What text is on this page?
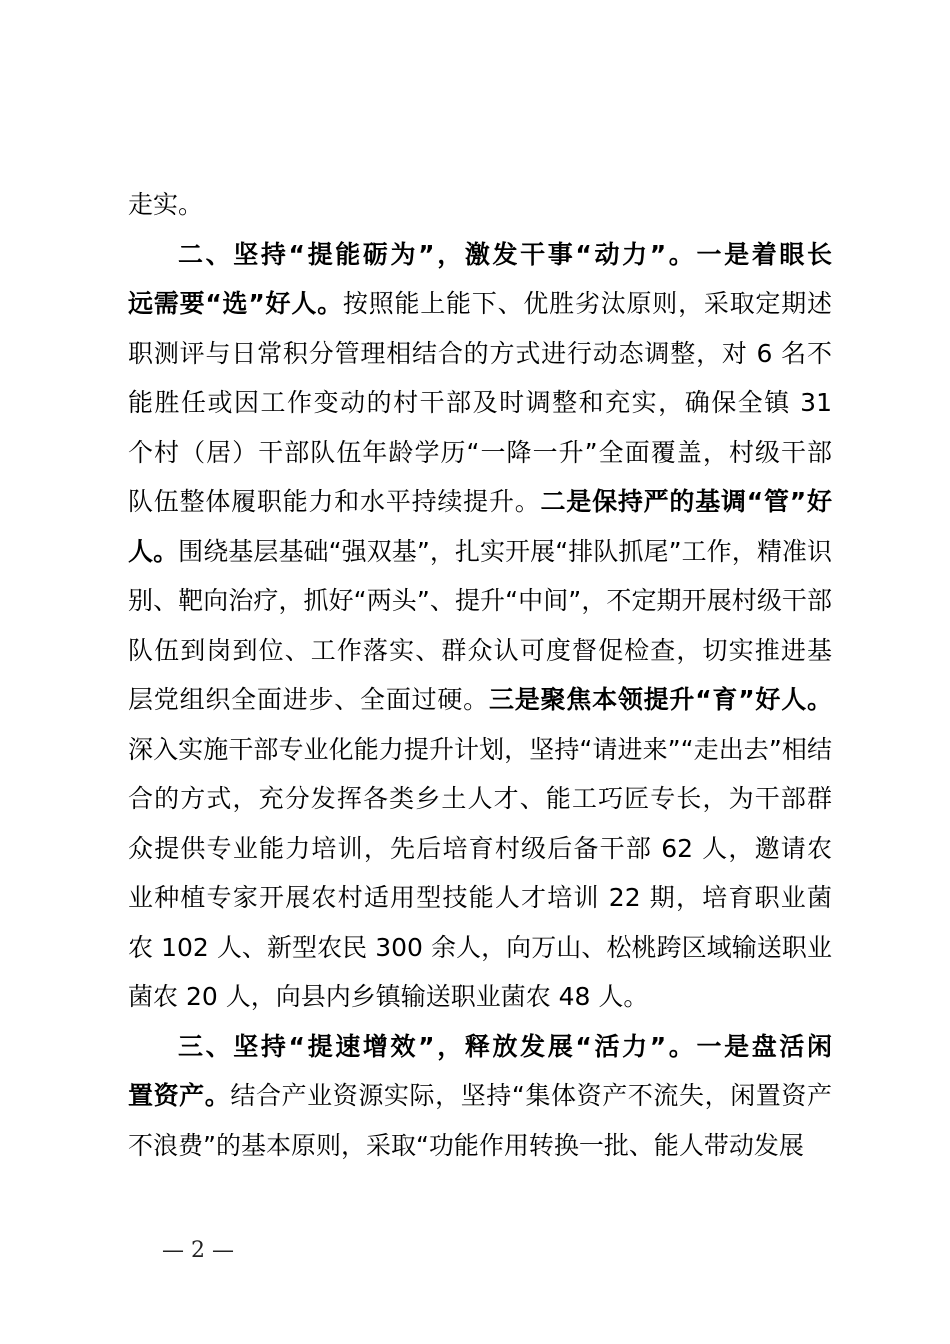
走实。
二、坚持“提能砺为”，激发干事“动力”。一是着眼长
远需要“选”好人。按照能上能下、优胜劣汰原则，采取定期述
职测评与日常积分管理相结合的方式进行动态调整，对 6 名不
能胜任或因工作变动的村干部及时调整和充实，确保全镇 31
个村（居）干部队伍年龄学历“一降一升”全面覆盖，村级干部
队伍整体履职能力和水平持续提升。二是保持严的基调“管”好
人。围绕基层基础“强双基”，扎实开展“排队抓尾”工作，精准识
别、靶向治疗，抓好“两头”、提升“中间”，不定期开展村级干部
队伍到岗到位、工作落实、群众认可度督促检查，切实推进基
层党组织全面进步、全面过硬。三是聚焦本领提升“育”好人。
深入实施干部专业化能力提升计划，坚持“请进来”“走出去”相结
合的方式，充分发挥各类乡土人才、能工巧匠专长，为干部群
众提供专业能力培训，先后培育村级后备干部 62 人，邀请农
业种植专家开展农村适用型技能人才培训 22 期，培育职业菌
农 102 人、新型农民 300 余人，向万山、松桃跨区域输送职业
菌农 20 人，向县内乡镇输送职业菌农 48 人。
三、坚持“提速增效”，释放发展“活力”。一是盘活闲
置资产。结合产业资源实际，坚持“集体资产不流失，闲置资产
不浪费”的基本原则，采取“功能作用转换一批、能人带动发展
— 2 —
